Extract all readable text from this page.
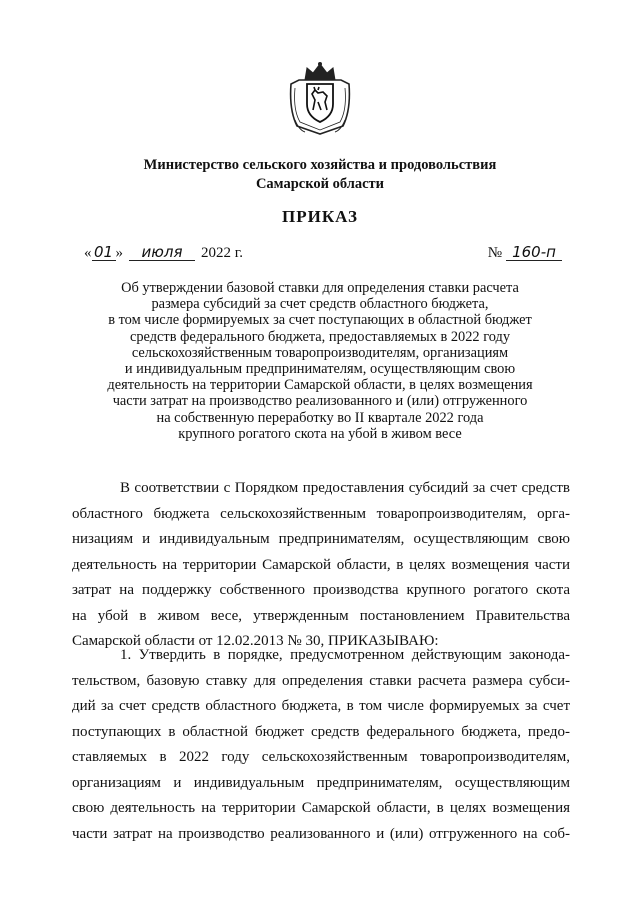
Министерство сельского хозяйства и продовольствия
Самарской области
ПРИКАЗ
« 01 » июля 2022 г.	№ 160-п
Об утверждении базовой ставки для определения ставки расчета
размера субсидий за счет средств областного бюджета,
в том числе формируемых за счет поступающих в областной бюджет
средств федерального бюджета, предоставляемых в 2022 году
сельскохозяйственным товаропроизводителям, организациям
и индивидуальным предпринимателям, осуществляющим свою
деятельность на территории Самарской области, в целях возмещения
части затрат на производство реализованного и (или) отгруженного
на собственную переработку во II квартале 2022 года
крупного рогатого скота на убой в живом весе
В соответствии с Порядком предоставления субсидий за счет средств
областного бюджета сельскохозяйственным товаропроизводителям, орга-
низациям и индивидуальным предпринимателям, осуществляющим свою
деятельность на территории Самарской области, в целях возмещения части
затрат на поддержку собственного производства крупного рогатого скота
на убой в живом весе, утвержденным постановлением Правительства
Самарской области от 12.02.2013 № 30, ПРИКАЗЫВАЮ:
1. Утвердить в порядке, предусмотренном действующим законода-
тельством, базовую ставку для определения ставки расчета размера субси-
дий за счет средств областного бюджета, в том числе формируемых за счет
поступающих в областной бюджет средств федерального бюджета, предо-
ставляемых в 2022 году сельскохозяйственным товаропроизводителям,
организациям и индивидуальным предпринимателям, осуществляющим
свою деятельность на территории Самарской области, в целях возмещения
части затрат на производство реализованного и (или) отгруженного на соб-
